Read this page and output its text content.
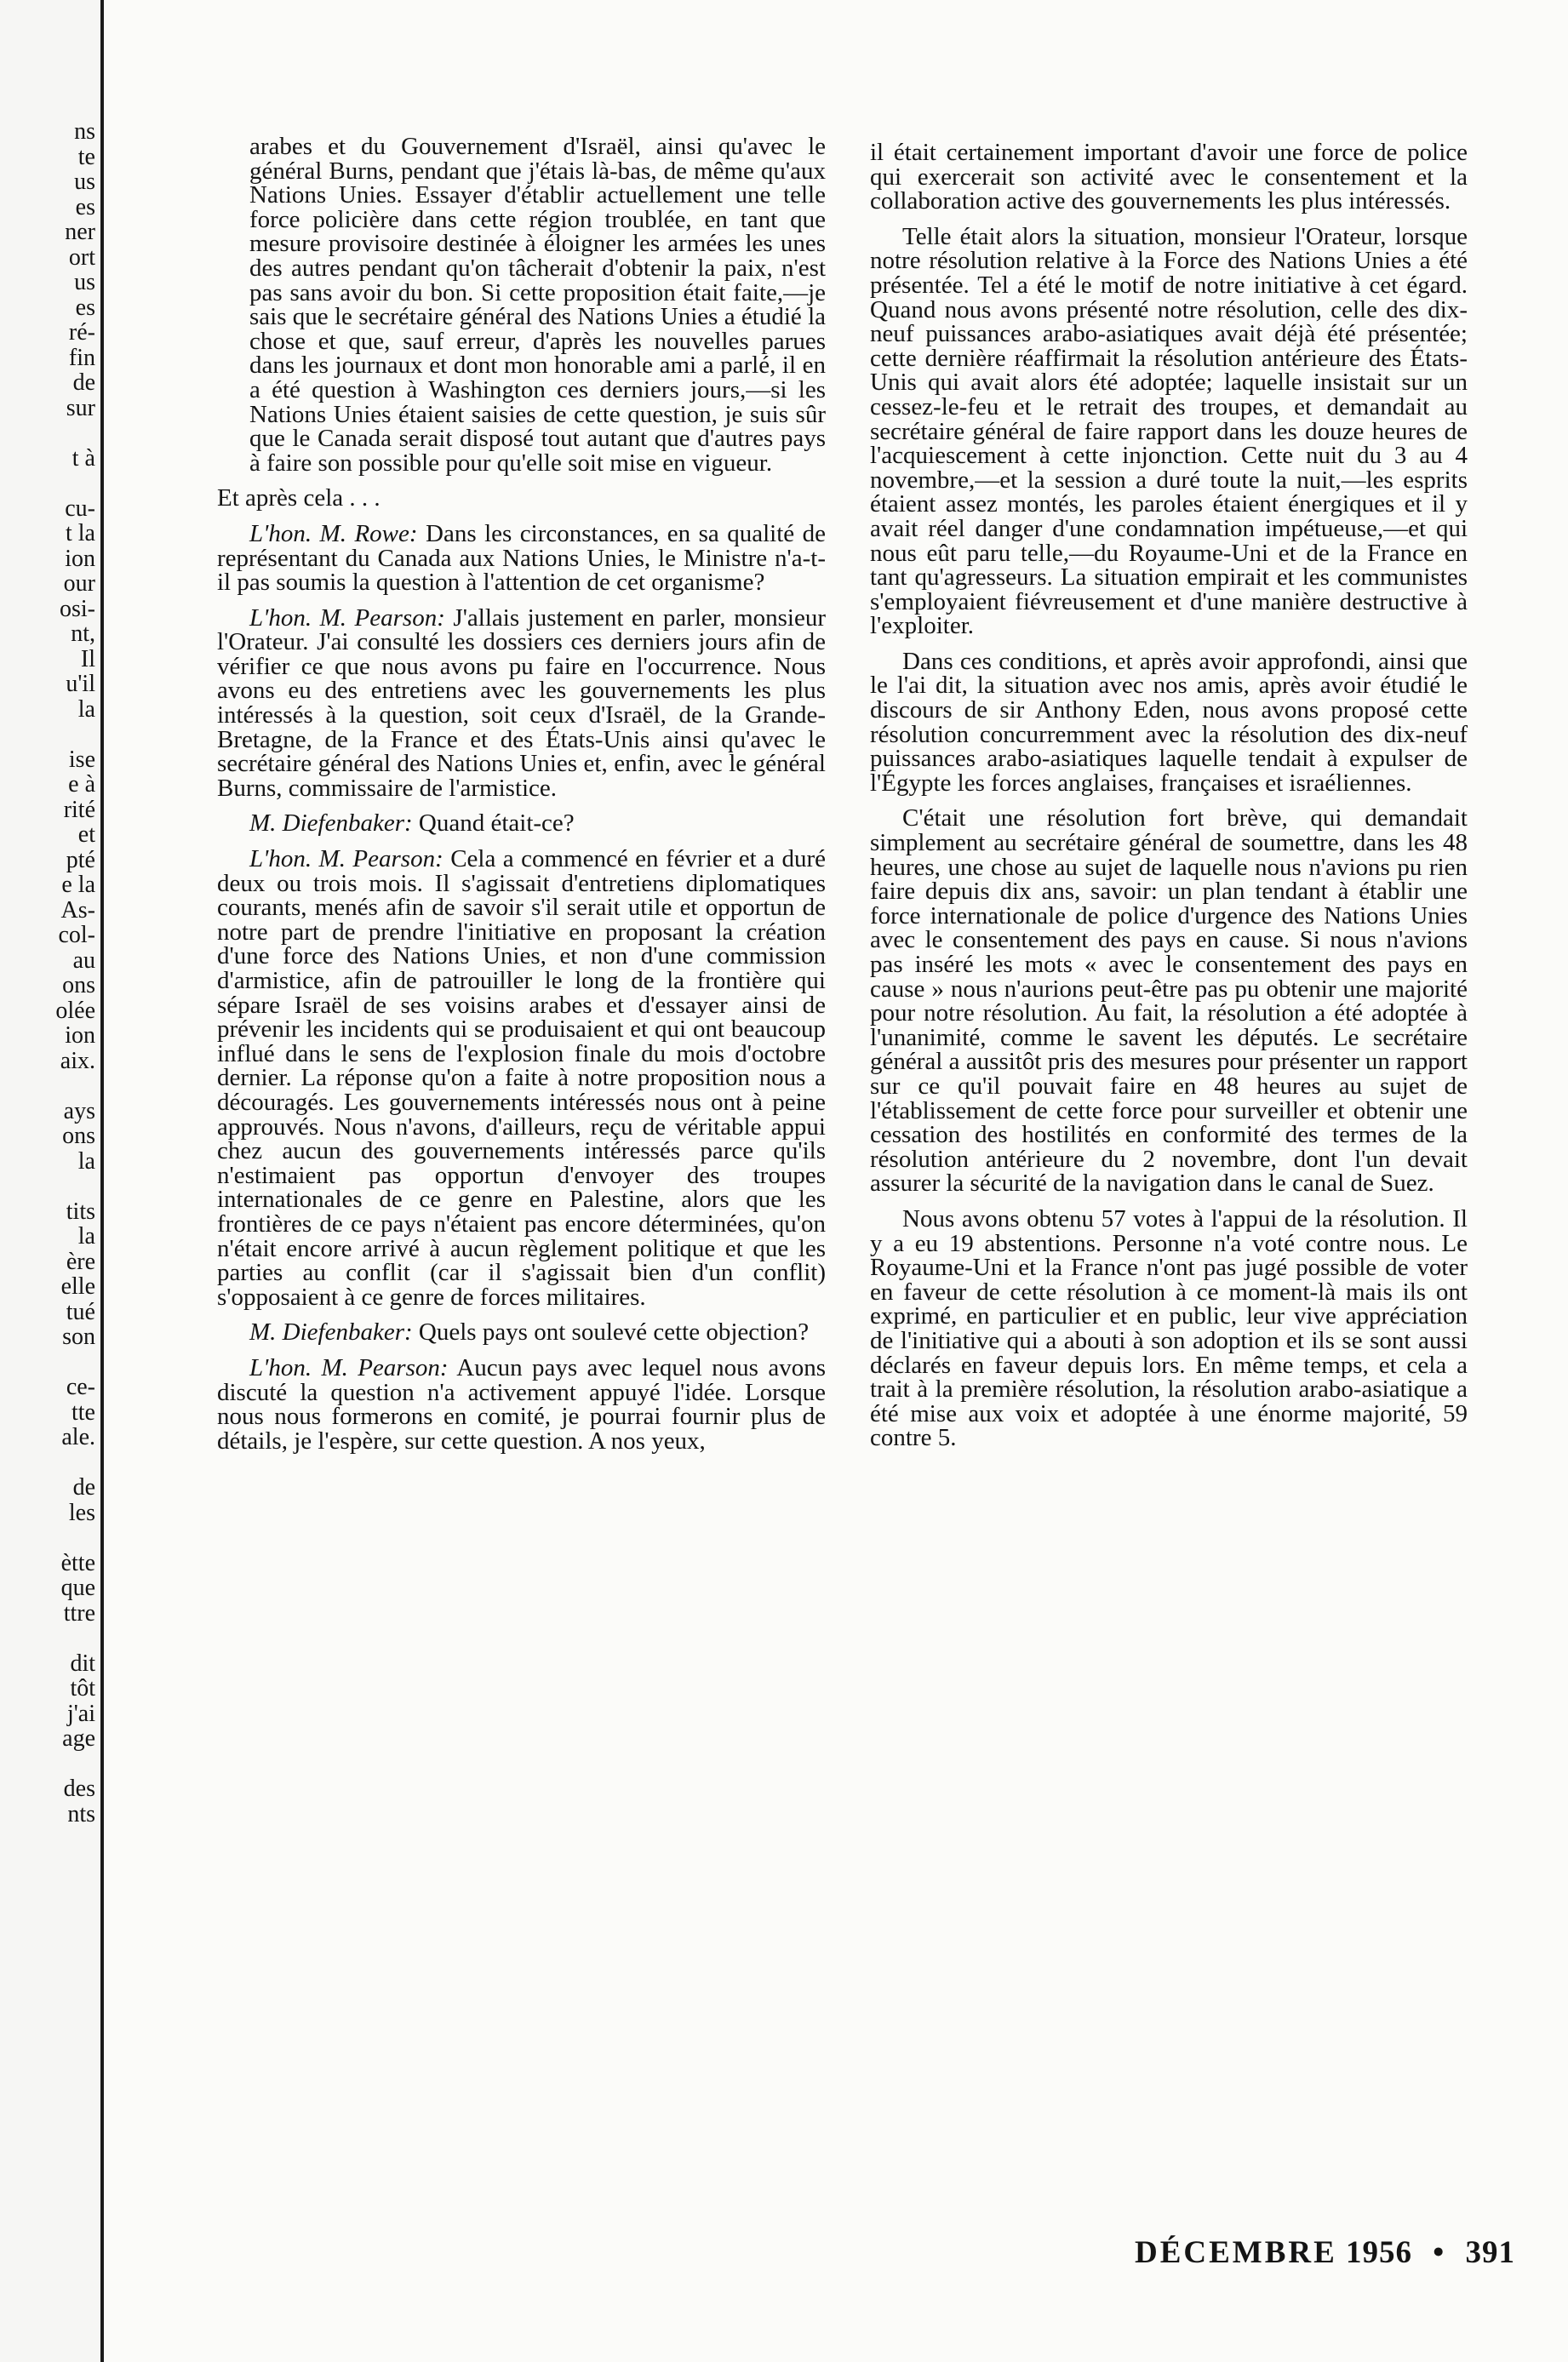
ns
te
us
es
ner
ort
us
es
ré-
fin
de
sur
t à
cu-
t la
ion
our
osi-
nt,
Il
u'il
la
ise
e à
rité
et
pté
e la
As-
col-
au
ons
olée
ion
aix.
ays
ons
la
tits
la
ère
elle
tué
son
ce-
tte
ale.
de
les
ètte
que
ttre
dit
tôt
j'ai
age
des
nts

arabes et du Gouvernement d'Israël, ainsi qu'avec le général Burns, pendant que j'étais là-bas, de même qu'aux Nations Unies. Essayer d'établir actuellement une telle force policière dans cette région troublée, en tant que mesure provisoire destinée à éloigner les armées les unes des autres pendant qu'on tâcherait d'obtenir la paix, n'est pas sans avoir du bon. Si cette proposition était faite,—je sais que le secrétaire général des Nations Unies a étudié la chose et que, sauf erreur, d'après les nouvelles parues dans les journaux et dont mon honorable ami a parlé, il en a été question à Washington ces derniers jours,—si les Nations Unies étaient saisies de cette question, je suis sûr que le Canada serait disposé tout autant que d'autres pays à faire son possible pour qu'elle soit mise en vigueur.

Et après cela . . .

L'hon. M. Rowe: Dans les circonstances, en sa qualité de représentant du Canada aux Nations Unies, le Ministre n'a-t-il pas soumis la question à l'attention de cet organisme?

L'hon. M. Pearson: J'allais justement en parler, monsieur l'Orateur. J'ai consulté les dossiers ces derniers jours afin de vérifier ce que nous avons pu faire en l'occurrence. Nous avons eu des entretiens avec les gouvernements les plus intéressés à la question, soit ceux d'Israël, de la Grande-Bretagne, de la France et des États-Unis ainsi qu'avec le secrétaire général des Nations Unies et, enfin, avec le général Burns, commissaire de l'armistice.

M. Diefenbaker: Quand était-ce?

L'hon. M. Pearson: Cela a commencé en février et a duré deux ou trois mois. Il s'agissait d'entretiens diplomatiques courants, menés afin de savoir s'il serait utile et opportun de notre part de prendre l'initiative en proposant la création d'une force des Nations Unies, et non d'une commission d'armistice, afin de patrouiller le long de la frontière qui sépare Israël de ses voisins arabes et d'essayer ainsi de prévenir les incidents qui se produisaient et qui ont beaucoup influé dans le sens de l'explosion finale du mois d'octobre dernier. La réponse qu'on a faite à notre proposition nous a découragés. Les gouvernements intéressés nous ont à peine approuvés. Nous n'avons, d'ailleurs, reçu de véritable appui chez aucun des gouvernements intéressés parce qu'ils n'estimaient pas opportun d'envoyer des troupes internationales de ce genre en Palestine, alors que les frontières de ce pays n'étaient pas encore déterminées, qu'on n'était encore arrivé à aucun règlement politique et que les parties au conflit (car il s'agissait bien d'un conflit) s'opposaient à ce genre de forces militaires.

M. Diefenbaker: Quels pays ont soulevé cette objection?

L'hon. M. Pearson: Aucun pays avec lequel nous avons discuté la question n'a activement appuyé l'idée. Lorsque nous nous formerons en comité, je pourrai fournir plus de détails, je l'espère, sur cette question. A nos yeux,

il était certainement important d'avoir une force de police qui exercerait son activité avec le consentement et la collaboration active des gouvernements les plus intéressés.

Telle était alors la situation, monsieur l'Orateur, lorsque notre résolution relative à la Force des Nations Unies a été présentée. Tel a été le motif de notre initiative à cet égard. Quand nous avons présenté notre résolution, celle des dix-neuf puissances arabo-asiatiques avait déjà été présentée; cette dernière réaffirmait la résolution antérieure des États-Unis qui avait alors été adoptée; laquelle insistait sur un cessez-le-feu et le retrait des troupes, et demandait au secrétaire général de faire rapport dans les douze heures de l'acquiescement à cette injonction. Cette nuit du 3 au 4 novembre,—et la session a duré toute la nuit,—les esprits étaient assez montés, les paroles étaient énergiques et il y avait réel danger d'une condamnation impétueuse,—et qui nous eût paru telle,—du Royaume-Uni et de la France en tant qu'agresseurs. La situation empirait et les communistes s'employaient fiévreusement et d'une manière destructive à l'exploiter.

Dans ces conditions, et après avoir approfondi, ainsi que le l'ai dit, la situation avec nos amis, après avoir étudié le discours de sir Anthony Eden, nous avons proposé cette résolution concurremment avec la résolution des dix-neuf puissances arabo-asiatiques laquelle tendait à expulser de l'Égypte les forces anglaises, françaises et israéliennes.

C'était une résolution fort brève, qui demandait simplement au secrétaire général de soumettre, dans les 48 heures, une chose au sujet de laquelle nous n'avions pu rien faire depuis dix ans, savoir: un plan tendant à établir une force internationale de police d'urgence des Nations Unies avec le consentement des pays en cause. Si nous n'avions pas inséré les mots « avec le consentement des pays en cause » nous n'aurions peut-être pas pu obtenir une majorité pour notre résolution. Au fait, la résolution a été adoptée à l'unanimité, comme le savent les députés. Le secrétaire général a aussitôt pris des mesures pour présenter un rapport sur ce qu'il pouvait faire en 48 heures au sujet de l'établissement de cette force pour surveiller et obtenir une cessation des hostilités en conformité des termes de la résolution antérieure du 2 novembre, dont l'un devait assurer la sécurité de la navigation dans le canal de Suez.

Nous avons obtenu 57 votes à l'appui de la résolution. Il y a eu 19 abstentions. Personne n'a voté contre nous. Le Royaume-Uni et la France n'ont pas jugé possible de voter en faveur de cette résolution à ce moment-là mais ils ont exprimé, en particulier et en public, leur vive appréciation de l'initiative qui a abouti à son adoption et ils se sont aussi déclarés en faveur depuis lors. En même temps, et cela a trait à la première résolution, la résolution arabo-asiatique a été mise aux voix et adoptée à une énorme majorité, 59 contre 5.

DÉCEMBRE 1956 • 391
